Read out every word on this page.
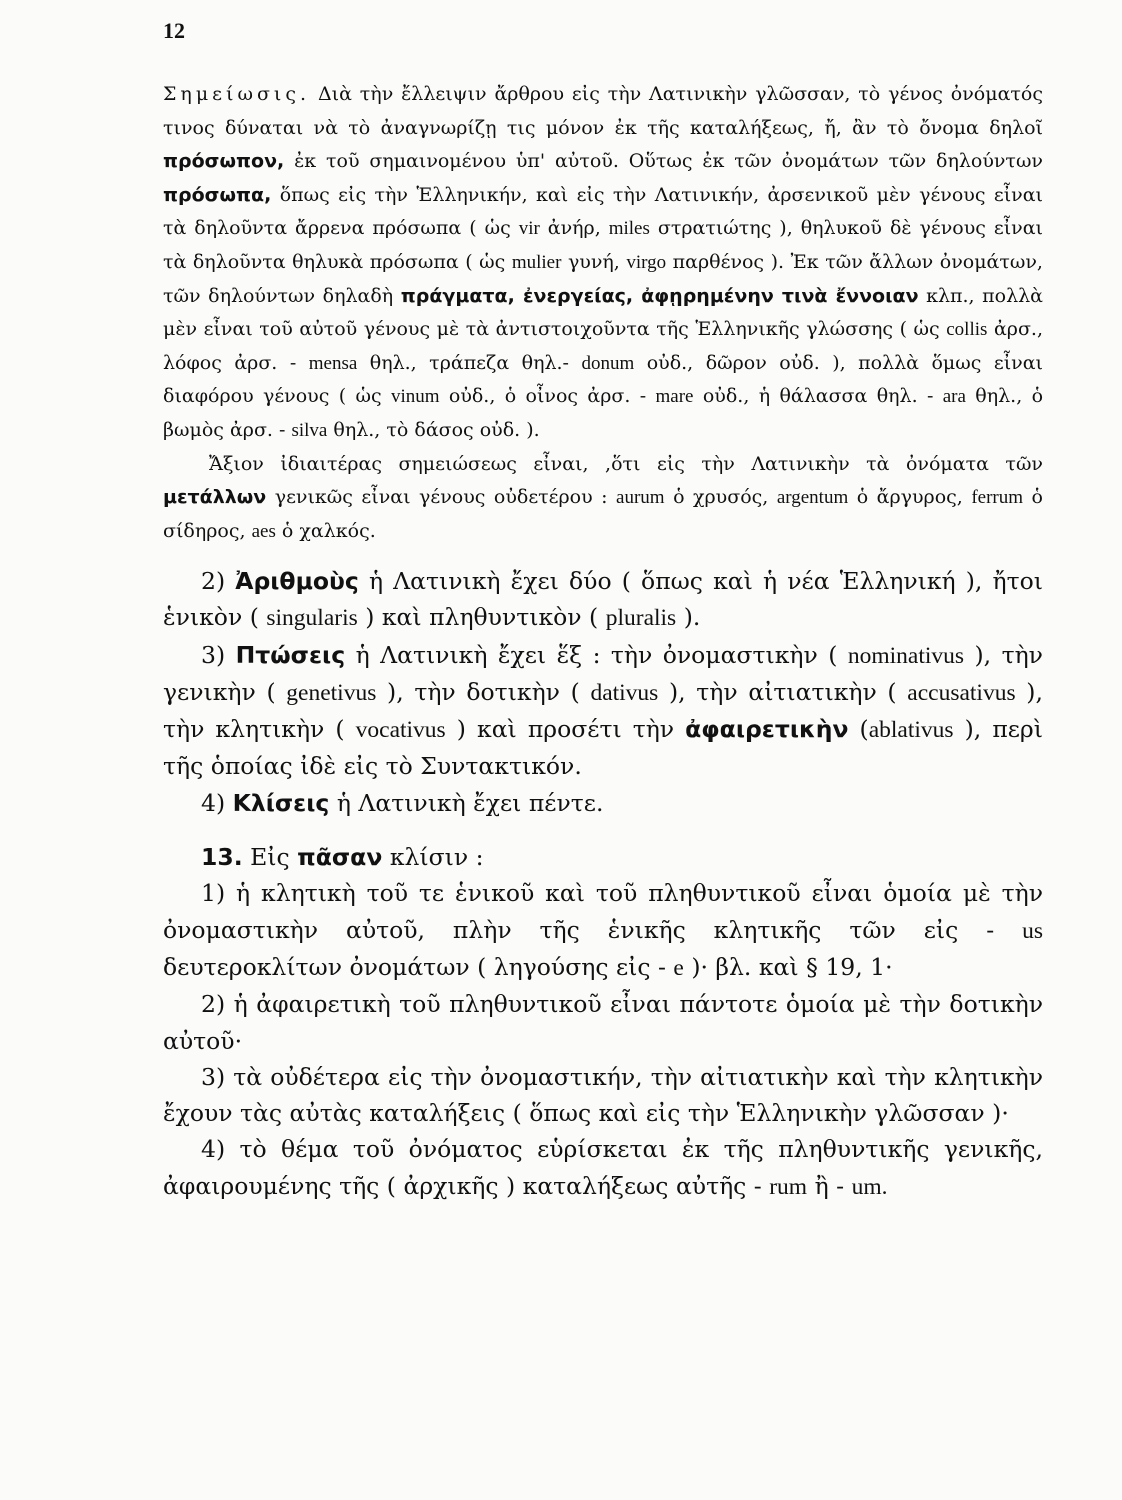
12

Σημείωσις. Διὰ τὴν ἔλλειψιν ἄρθρου εἰς τὴν Λατινικὴν γλῶσσαν, τὸ γένος ὀνόματός τινος δύναται νὰ τὸ ἀναγνωρίζῃ τις μόνον ἐκ τῆς καταλήξεως, ἤ, ἂν τὸ ὄνομα δηλοῖ πρόσωπον, ἐκ τοῦ σημαινομένου ὑπ' αὐτοῦ. Οὕτως ἐκ τῶν ὀνομάτων τῶν δηλούντων πρόσωπα, ὅπως εἰς τὴν Ἑλληνικήν, καὶ εἰς τὴν Λατινικήν, ἀρσενικοῦ μὲν γένους εἶναι τὰ δηλοῦντα ἄρρενα πρόσωπα ( ὡς vir ἀνήρ, miles στρατιώτης ), θηλυκοῦ δὲ γένους εἶναι τὰ δηλοῦντα θηλυκὰ πρόσωπα ( ὡς mulier γυνή, virgo παρθένος ). Ἐκ τῶν ἄλλων ὀνομάτων, τῶν δηλούντων δηλαδὴ πράγματα, ἐνεργείας, ἀφῃρημένην τινὰ ἔννοιαν κλπ., πολλὰ μὲν εἶναι τοῦ αὐτοῦ γένους μὲ τὰ ἀντιστοιχοῦντα τῆς Ἑλληνικῆς γλώσσης ( ὡς collis ἀρσ., λόφος ἀρσ. - mensa θηλ., τράπεζα θηλ.- donum οὐδ., δῶρον οὐδ. ), πολλὰ ὅμως εἶναι διαφόρου γένους ( ὡς vinum οὐδ., ὁ οἶνος ἀρσ. - mare οὐδ., ἡ θάλασσα θηλ. - ara θηλ., ὁ βωμὸς ἀρσ. - silva θηλ., τὸ δάσος οὐδ. ).

Ἄξιον ἰδιαιτέρας σημειώσεως εἶναι, ,ὅτι εἰς τὴν Λατινικὴν τὰ ὀνόματα τῶν μετάλλων γενικῶς εἶναι γένους οὐδετέρου : aurum ὁ χρυσός, argentum ὁ ἄργυρος, ferrum ὁ σίδηρος, aes ὁ χαλκός.

2) Ἀριθμοὺς ἡ Λατινικὴ ἔχει δύο ( ὅπως καὶ ἡ νέα Ἑλληνική ), ἤτοι ἑνικὸν ( singularis ) καὶ πληθυντικὸν ( pluralis ).

3) Πτώσεις ἡ Λατινικὴ ἔχει ἕξ : τὴν ὀνομαστικὴν ( nominativus ), τὴν γενικὴν ( genetivus ), τὴν δοτικὴν ( dativus ), τὴν αἰτιατικὴν ( accusativus ), τὴν κλητικὴν ( vocativus ) καὶ προσέτι τὴν ἀφαιρετικὴν (ablativus ), περὶ τῆς ὁποίας ἰδὲ εἰς τὸ Συντακτικόν.

4) Κλίσεις ἡ Λατινικὴ ἔχει πέντε.

13. Εἰς πᾶσαν κλίσιν :

1) ἡ κλητικὴ τοῦ τε ἑνικοῦ καὶ τοῦ πληθυντικοῦ εἶναι ὁμοία μὲ τὴν ὀνομαστικὴν αὐτοῦ, πλὴν τῆς ἑνικῆς κλητικῆς τῶν εἰς - us δευτεροκλίτων ὀνομάτων ( ληγούσης εἰς - e )· βλ. καὶ § 19, 1·

2) ἡ ἀφαιρετικὴ τοῦ πληθυντικοῦ εἶναι πάντοτε ὁμοία μὲ τὴν δοτικὴν αὐτοῦ·

3) τὰ οὐδέτερα εἰς τὴν ὀνομαστικήν, τὴν αἰτιατικὴν καὶ τὴν κλητικὴν ἔχουν τὰς αὐτὰς καταλήξεις ( ὅπως καὶ εἰς τὴν Ἑλληνικὴν γλῶσσαν )·

4) τὸ θέμα τοῦ ὀνόματος εὑρίσκεται ἐκ τῆς πληθυντικῆς γενικῆς, ἀφαιρουμένης τῆς ( ἀρχικῆς ) καταλήξεως αὐτῆς - rum ἢ - um.
